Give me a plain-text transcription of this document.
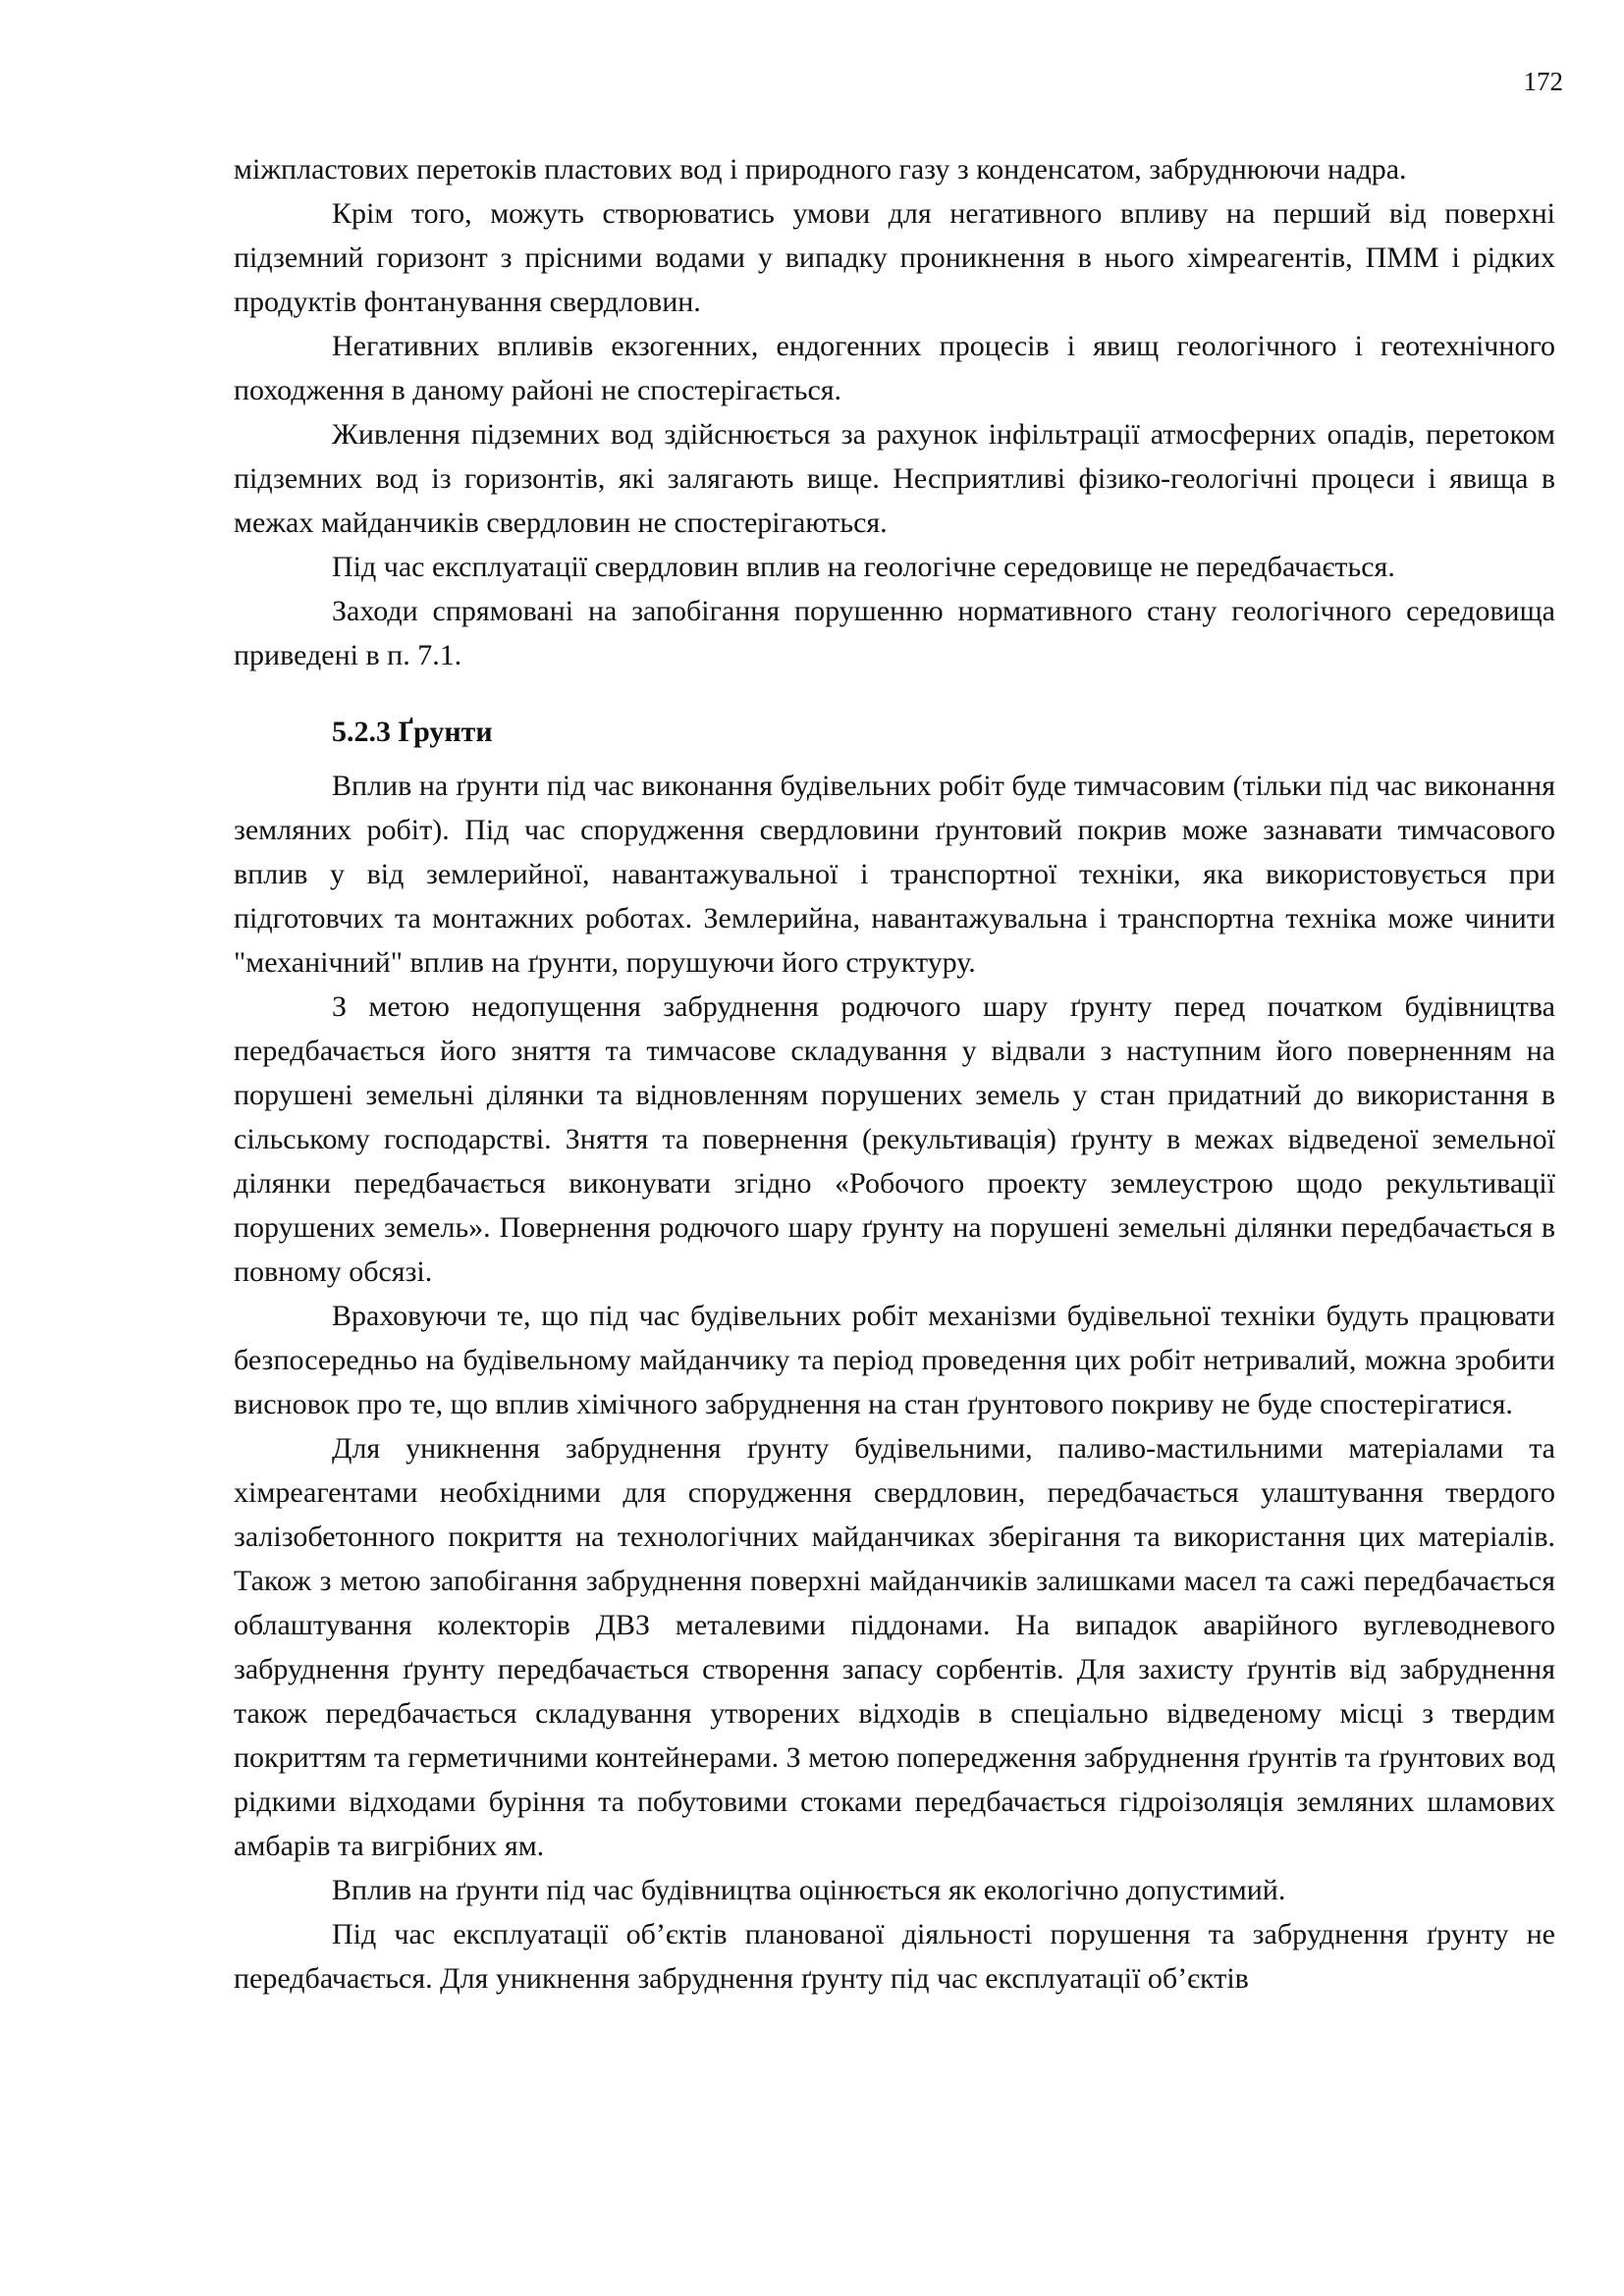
172

міжпластових перетоків пластових вод і природного газу з конденсатом, забруднюючи надра.

Крім того, можуть створюватись умови для негативного впливу на перший від поверхні підземний горизонт з прісними водами у випадку проникнення в нього хімреагентів, ПММ і рідких продуктів фонтанування свердловин.

Негативних впливів екзогенних, ендогенних процесів і явищ геологічного і геотехнічного походження в даному районі не спостерігається.

Живлення підземних вод здійснюється за рахунок інфільтрації атмосферних опадів, перетоком підземних вод із горизонтів, які залягають вище. Несприятливі фізико-геологічні процеси і явища в межах майданчиків свердловин не спостерігаються.

Під час експлуатації свердловин вплив на геологічне середовище не передбачається.

Заходи спрямовані на запобігання порушенню нормативного стану геологічного середовища приведені в п. 7.1.

5.2.3 Ґрунти

Вплив на ґрунти під час виконання будівельних робіт буде тимчасовим (тільки під час виконання земляних робіт). Під час спорудження свердловини ґрунтовий покрив може зазнавати тимчасового вплив у від землерийної, навантажувальної і транспортної техніки, яка використовується при підготовчих та монтажних роботах. Землерийна, навантажувальна і транспортна техніка може чинити "механічний" вплив на ґрунти, порушуючи його структуру.

З метою недопущення забруднення родючого шару ґрунту перед початком будівництва передбачається його зняття та тимчасове складування у відвали з наступним його поверненням на порушені земельні ділянки та відновленням порушених земель у стан придатний до використання в сільському господарстві. Зняття та повернення (рекультивація) ґрунту в межах відведеної земельної ділянки передбачається виконувати згідно «Робочого проекту землеустрою щодо рекультивації порушених земель». Повернення родючого шару ґрунту на порушені земельні ділянки передбачається в повному обсязі.

Враховуючи те, що під час будівельних робіт механізми будівельної техніки будуть працювати безпосередньо на будівельному майданчику та період проведення цих робіт нетривалий, можна зробити висновок про те, що вплив хімічного забруднення на стан ґрунтового покриву не буде спостерігатися.

Для уникнення забруднення ґрунту будівельними, паливо-мастильними матеріалами та хімреагентами необхідними для спорудження свердловин, передбачається улаштування твердого залізобетонного покриття на технологічних майданчиках зберігання та використання цих матеріалів. Також з метою запобігання забруднення поверхні майданчиків залишками масел та сажі передбачається облаштування колекторів ДВЗ металевими піддонами. На випадок аварійного вуглеводневого забруднення ґрунту передбачається створення запасу сорбентів. Для захисту ґрунтів від забруднення також передбачається складування утворених відходів в спеціально відведеному місці з твердим покриттям та герметичними контейнерами. З метою попередження забруднення ґрунтів та ґрунтових вод рідкими відходами буріння та побутовими стоками передбачається гідроізоляція земляних шламових амбарів та вигрібних ям.

Вплив на ґрунти під час будівництва оцінюється як екологічно допустимий.

Під час експлуатації об’єктів планованої діяльності порушення та забруднення ґрунту не передбачається. Для уникнення забруднення ґрунту під час експлуатації об’єктів
